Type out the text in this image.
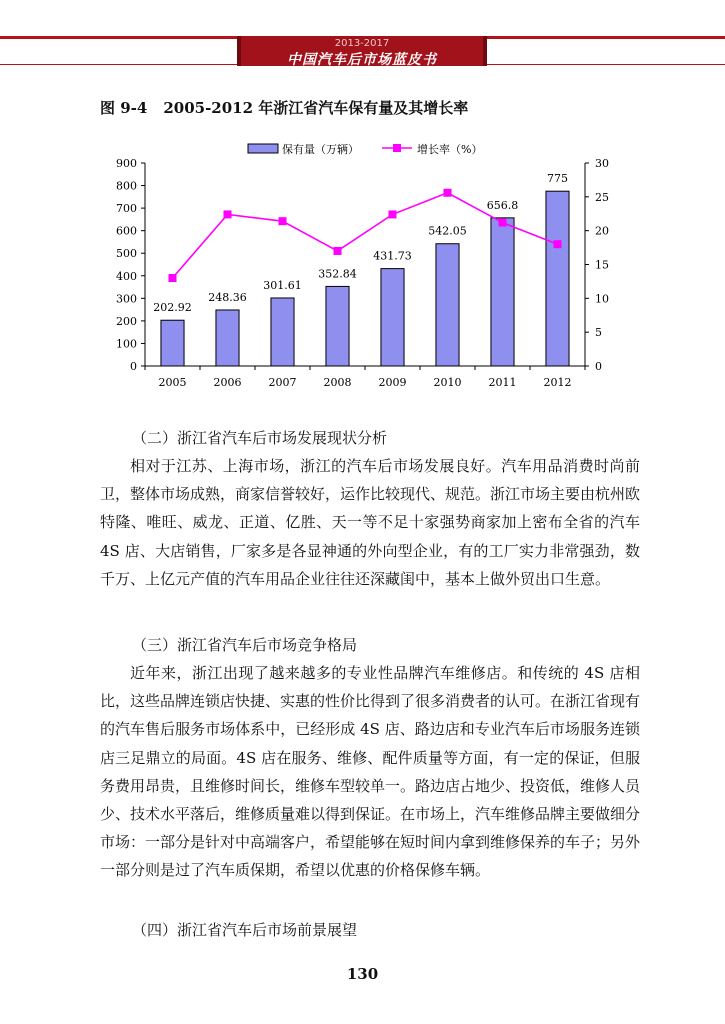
2013-2017
中国汽车后市场蓝皮书
图 9-4 2005-2012 年浙江省汽车保有量及其增长率
0
100
200
300
400
500
600
700
800
900
0
5
10
15
20
25
30
2005 2006 2007 2008 2009 2010 2011 2012
202.92
248.36
301.61
352.84
431.73
542.05
656.8
775
保有量（万辆）	增长率（%）

（二）浙江省汽车后市场发展现状分析

相对于江苏、上海市场，浙江的汽车后市场发展良好。汽车用品消费时尚前卫，整体市场成熟，商家信誉较好，运作比较现代、规范。浙江市场主要由杭州欧特隆、唯旺、威龙、正道、亿胜、天一等不足十家强势商家加上密布全省的汽车 4S 店、大店销售，厂家多是各显神通的外向型企业，有的工厂实力非常强劲，数千万、上亿元产值的汽车用品企业往往还深藏闺中，基本上做外贸出口生意。

（三）浙江省汽车后市场竞争格局

近年来，浙江出现了越来越多的专业性品牌汽车维修店。和传统的 4S 店相比，这些品牌连锁店快捷、实惠的性价比得到了很多消费者的认可。在浙江省现有的汽车售后服务市场体系中，已经形成 4S 店、路边店和专业汽车后市场服务连锁店三足鼎立的局面。4S 店在服务、维修、配件质量等方面，有一定的保证，但服务费用昂贵，且维修时间长，维修车型较单一。路边店占地少、投资低，维修人员少、技术水平落后，维修质量难以得到保证。在市场上，汽车维修品牌主要做细分市场：一部分是针对中高端客户，希望能够在短时间内拿到维修保养的车子；另外一部分则是过了汽车质保期，希望以优惠的价格保修车辆。

（四）浙江省汽车后市场前景展望

130
